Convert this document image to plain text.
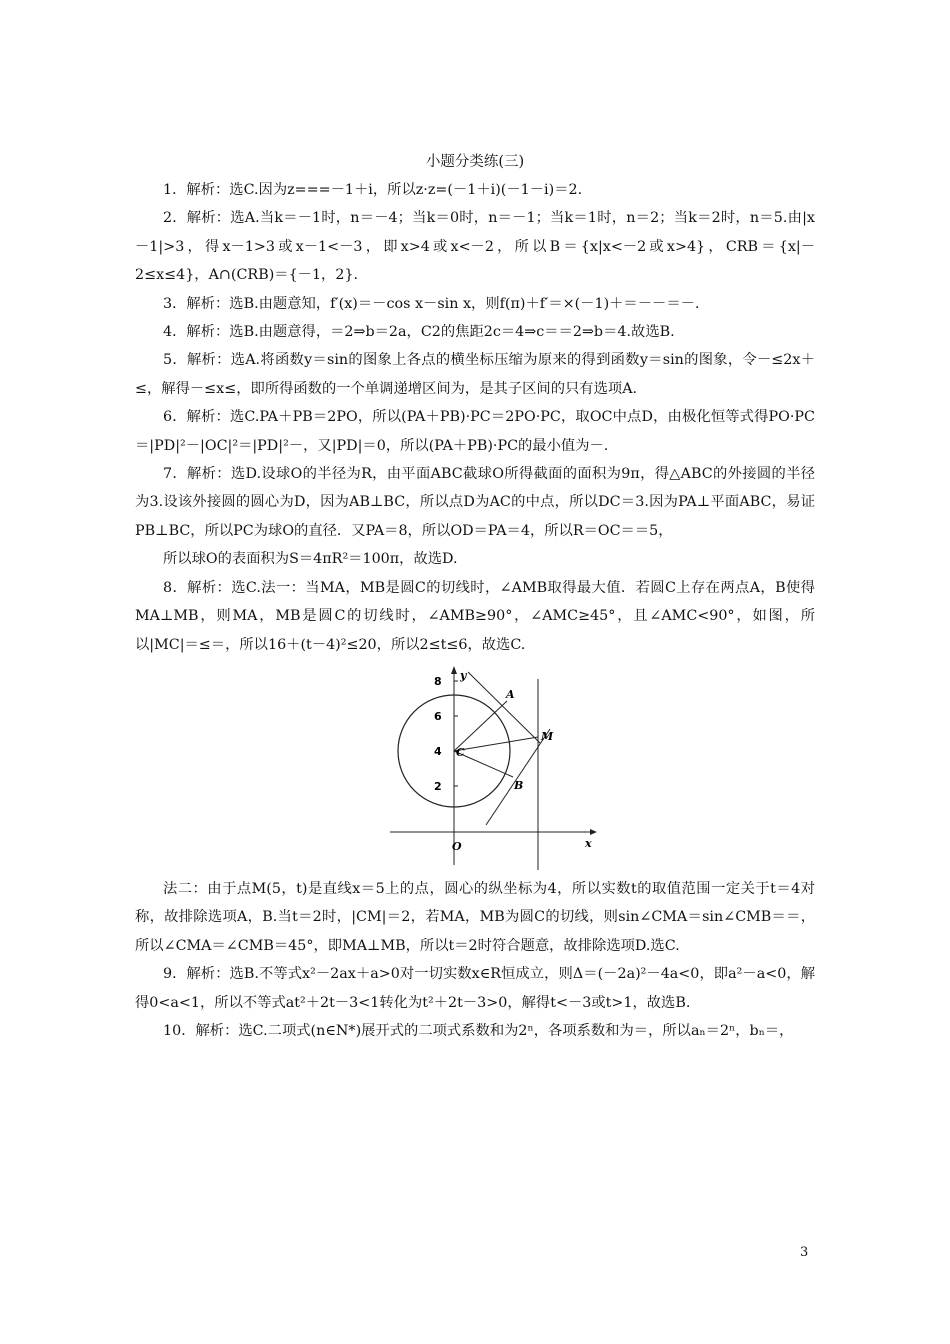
小题分类练(三)

1．解析：选C.因为z===－1＋i，所以z·z=(－1＋i)(－1－i)＝2.

2．解析：选A.当k＝－1时，n＝－4；当k＝0时，n＝－1；当k＝1时，n＝2；当k＝2时，n＝5.由|x－1|>3，得x－1>3或x－1<－3，即x>4或x<－2，所以B＝{x|x<－2或x>4}，CRB＝{x|－2≤x≤4}，A∩(CRB)＝{－1，2}.

3．解析：选B.由题意知，f′(x)＝－cos x－sin x，则f(π)＋f′＝×(－1)＋＝－－＝－.

4．解析：选B.由题意得，＝2⇒b＝2a，C2的焦距2c＝4⇒c＝＝2⇒b＝4.故选B.

5．解析：选A.将函数y＝sin的图象上各点的横坐标压缩为原来的得到函数y＝sin的图象，令－≤2x＋≤，解得－≤x≤，即所得函数的一个单调递增区间为，是其子区间的只有选项A.

6．解析：选C.PA＋PB＝2PO，所以(PA＋PB)·PC＝2PO·PC，取OC中点D，由极化恒等式得PO·PC＝|PD|²－|OC|²＝|PD|²－，又|PD|＝0，所以(PA＋PB)·PC的最小值为－.

7．解析：选D.设球O的半径为R，由平面ABC截球O所得截面的面积为9π，得△ABC的外接圆的半径为3.设该外接圆的圆心为D，因为AB⊥BC，所以点D为AC的中点，所以DC＝3.因为PA⊥平面ABC，易证PB⊥BC，所以PC为球O的直径．又PA＝8，所以OD＝PA＝4，所以R＝OC＝＝5，

所以球O的表面积为S＝4πR²＝100π，故选D.

8．解析：选C.法一：当MA，MB是圆C的切线时，∠AMB取得最大值．若圆C上存在两点A，B使得MA⊥MB，则MA，MB是圆C的切线时，∠AMB≥90°，∠AMC≥45°，且∠AMC<90°，如图，所以|MC|＝≤＝，所以16＋(t－4)²≤20，所以2≤t≤6，故选C.

8
6
4
2
y
x
O
A
B
C
M

法二：由于点M(5，t)是直线x＝5上的点，圆心的纵坐标为4，所以实数t的取值范围一定关于t＝4对称，故排除选项A，B.当t＝2时，|CM|＝2，若MA，MB为圆C的切线，则sin∠CMA＝sin∠CMB＝＝，所以∠CMA＝∠CMB＝45°，即MA⊥MB，所以t＝2时符合题意，故排除选项D.选C.

9．解析：选B.不等式x²－2ax＋a>0对一切实数x∈R恒成立，则Δ＝(－2a)²－4a<0，即a²－a<0，解得0<a<1，所以不等式at²＋2t－3<1转化为t²＋2t－3>0，解得t<－3或t>1，故选B.

10．解析：选C.二项式(n∈N*)展开式的二项式系数和为2ⁿ，各项系数和为＝，所以aₙ＝2ⁿ，bₙ＝，

3
